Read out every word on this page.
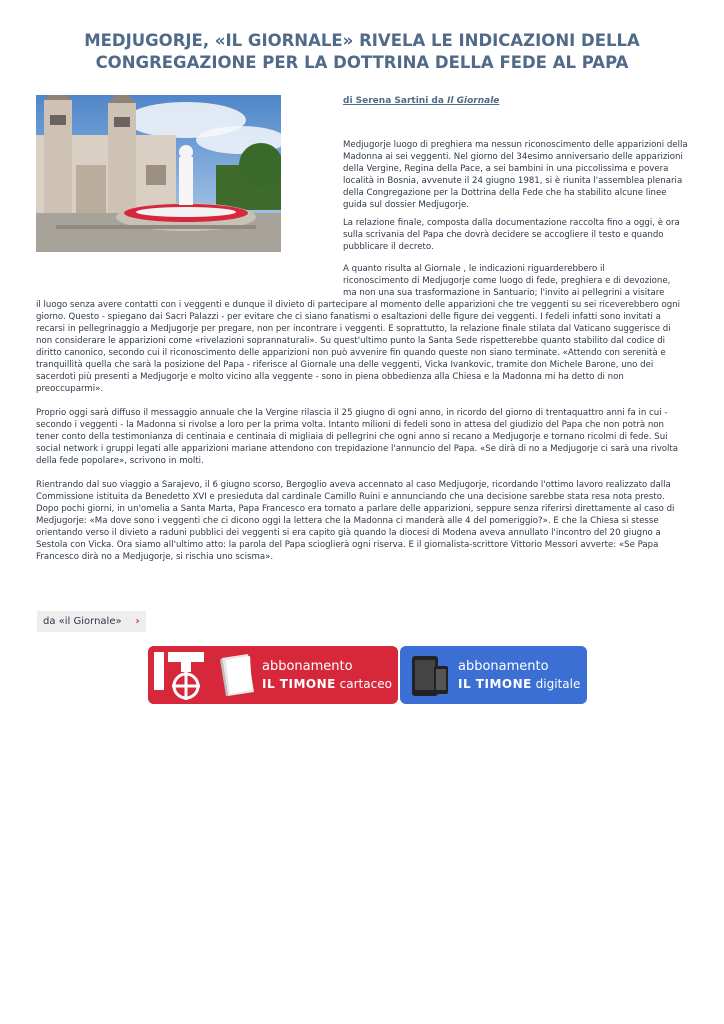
MEDJUGORJE, «IL GIORNALE» RIVELA LE INDICAZIONI DELLA CONGREGAZIONE PER LA DOTTRINA DELLA FEDE AL PAPA
di Serena Sartini da Il Giornale

Medjugorje luogo di preghiera ma nessun riconoscimento delle apparizioni della Madonna ai sei veggenti. Nel giorno del 34esimo anniversario delle apparizioni della Vergine, Regina della Pace, a sei bambini in una piccolissima e povera località in Bosnia, avvenute il 24 giugno 1981, si è riunita l'assemblea plenaria della Congregazione per la Dottrina della Fede che ha stabilito alcune linee guida sul dossier Medjugorje.

La relazione finale, composta dalla documentazione raccolta fino a oggi, è ora sulla scrivania del Papa che dovrà decidere se accogliere il testo e quando pubblicare il decreto.

A quanto risulta al Giornale , le indicazioni riguarderebbero il
riconoscimento di Medjugorje come luogo di fede, preghiera e di devozione,
ma non una sua trasformazione in Santuario; l'invito ai pellegrini a visitare
il luogo senza avere contatti con i veggenti e dunque il divieto di partecipare al momento delle apparizioni che tre veggenti su sei riceverebbero ogni giorno. Questo - spiegano dai Sacri Palazzi - per evitare che ci siano fanatismi o esaltazioni delle figure dei veggenti. I fedeli infatti sono invitati a recarsi in pellegrinaggio a Medjugorje per pregare, non per incontrare i veggenti. E soprattutto, la relazione finale stilata dal Vaticano suggerisce di non considerare le apparizioni come «rivelazioni soprannaturali». Su quest'ultimo punto la Santa Sede rispetterebbe quanto stabilito dal codice di diritto canonico, secondo cui il riconoscimento delle apparizioni non può avvenire fin quando queste non siano terminate. «Attendo con serenità e tranquillità quella che sarà la posizione del Papa - riferisce al Giornale una delle veggenti, Vicka Ivankovic, tramite don Michele Barone, uno dei sacerdoti più presenti a Medjugorje e molto vicino alla veggente - sono in piena obbedienza alla Chiesa e la Madonna mi ha detto di non preoccuparmi».

Proprio oggi sarà diffuso il messaggio annuale che la Vergine rilascia il 25 giugno di ogni anno, in ricordo del giorno di trentaquattro anni fa in cui - secondo i veggenti - la Madonna si rivolse a loro per la prima volta. Intanto milioni di fedeli sono in attesa del giudizio del Papa che non potrà non tener conto della testimonianza di centinaia e centinaia di migliaia di pellegrini che ogni anno si recano a Medjugorje e tornano ricolmi di fede. Sui social network i gruppi legati alle apparizioni mariane attendono con trepidazione l'annuncio del Papa. «Se dirà di no a Medjugorje ci sarà una rivolta della fede popolare», scrivono in molti.

Rientrando dal suo viaggio a Sarajevo, il 6 giugno scorso, Bergoglio aveva accennato al caso Medjugorje, ricordando l'ottimo lavoro realizzato dalla Commissione istituita da Benedetto XVI e presieduta dal cardinale Camillo Ruini e annunciando che una decisione sarebbe stata resa nota presto. Dopo pochi giorni, in un'omelia a Santa Marta, Papa Francesco era tornato a parlare delle apparizioni, seppure senza riferirsi direttamente al caso di Medjugorje: «Ma dove sono i veggenti che ci dicono oggi la lettera che la Madonna ci manderà alle 4 del pomeriggio?». E che la Chiesa si stesse orientando verso il divieto a raduni pubblici dei veggenti si era capito già quando la diocesi di Modena aveva annullato l'incontro del 20 giugno a Sestola con Vicka. Ora siamo all'ultimo atto: la parola del Papa scioglierà ogni riserva. E il giornalista-scrittore Vittorio Messori avverte: «Se Papa Francesco dirà no a Medjugorje, si rischia uno scisma».

da «il Giornale» ›
abbonamento
IL TIMONE cartaceo
abbonamento
IL TIMONE digitale
